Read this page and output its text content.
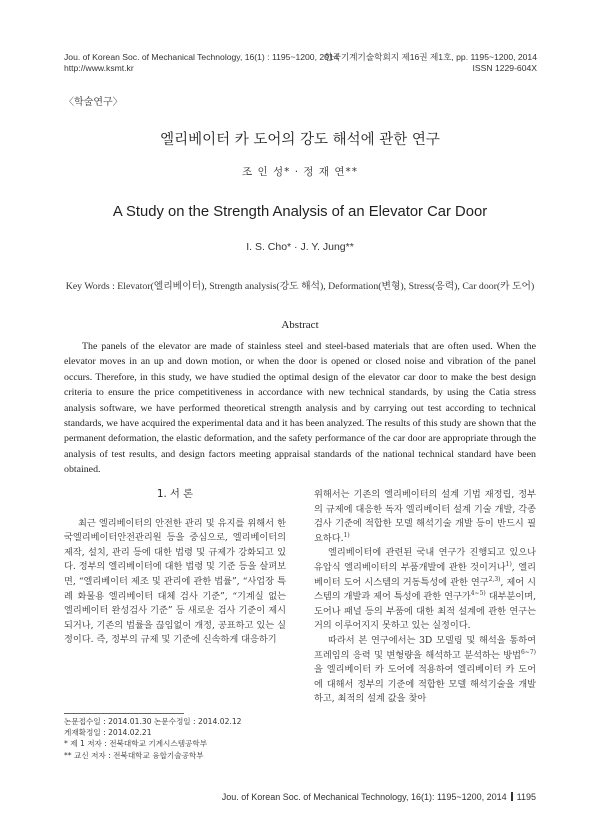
Jou. of Korean Soc. of Mechanical Technology, 16(1) : 1195~1200, 2014
http://www.ksmt.kr
한국기계기술학회지 제16권 제1호, pp. 1195~1200, 2014
ISSN 1229-604X
〈학술연구〉
엘리베이터 카 도어의 강도 해석에 관한 연구
조 인 성* · 정 재 연**
A Study on the Strength Analysis of an Elevator Car Door
I. S. Cho* · J. Y. Jung**
Key Words : Elevator(엘리베이터), Strength analysis(강도 해석), Deformation(변형), Stress(응력), Car door(카 도어)
Abstract

The panels of the elevator are made of stainless steel and steel-based materials that are often used. When the elevator moves in an up and down motion, or when the door is opened or closed noise and vibration of the panel occurs. Therefore, in this study, we have studied the optimal design of the elevator car door to make the best design criteria to ensure the price competitiveness in accordance with new technical standards, by using the Catia stress analysis software, we have performed theoretical strength analysis and by carrying out test according to technical standards, we have acquired the experimental data and it has been analyzed. The results of this study are shown that the permanent deformation, the elastic deformation, and the safety performance of the car door are appropriate through the analysis of test results, and design factors meeting appraisal standards of the national technical standard have been obtained.

1. 서 론

최근 엘리베이터의 안전한 관리 및 유지를 위해서 한국엘리베이터안전관리원 등을 중심으로, 엘리베이터의 제작, 설치, 관리 등에 대한 법령 및 규제가 강화되고 있다. 정부의 엘리베이터에 대한 법령 및 기준 등을 살펴보면, “엘리베이터 제조 및 관리에 관한 법률”, “사업장 특례 화물용 엘리베이터 대체 검사 기준”, “기계실 없는 엘리베이터 완성검사 기준” 등 새로운 검사 기준이 제시되거나, 기존의 법률을 끊임없이 개정, 공표하고 있는 실정이다. 즉, 정부의 규제 및 기준에 신속하게 대응하기

위해서는 기존의 엘리베이터의 설계 기법 재정립, 정부의 규제에 대응한 독자 엘리베이터 설계 기술 개발, 각종 검사 기준에 적합한 모델 해석기술 개발 등이 반드시 필요하다.$^{1)}$

엘리베이터에 관련된 국내 연구가 진행되고 있으나 유압식 엘리베이터의 부품개발에 관한 것이거나$^{1)}$, 엘리베이터 도어 시스템의 거동특성에 관한 연구$^{2,3)}$, 제어 시스템의 개발과 제어 특성에 관한 연구가$^{4\sim 5)}$ 대부분이며, 도어나 패널 등의 부품에 대한 최적 설계에 관한 연구는 거의 이루어지지 못하고 있는 실정이다.

따라서 본 연구에서는 3D 모델링 및 해석을 통하여 프레임의 응력 및 변형량을 해석하고 분석하는 방법$^{6\sim 7)}$을 엘리베이터 카 도어에 적용하여 엘리베이터 카 도어에 대해서 정부의 기준에 적합한 모델 해석기술을 개발하고, 최적의 설계 값을 찾아

논문접수일 : 2014.01.30 논문수정일 : 2014.02.12
게재확정일 : 2014.02.21
* 제 1 저자 : 전북대학교 기계시스템공학부
** 교신 저자 : 전북대학교 융합기술공학부
Jou. of Korean Soc. of Mechanical Technology, 16(1): 1195~1200, 2014 1195
